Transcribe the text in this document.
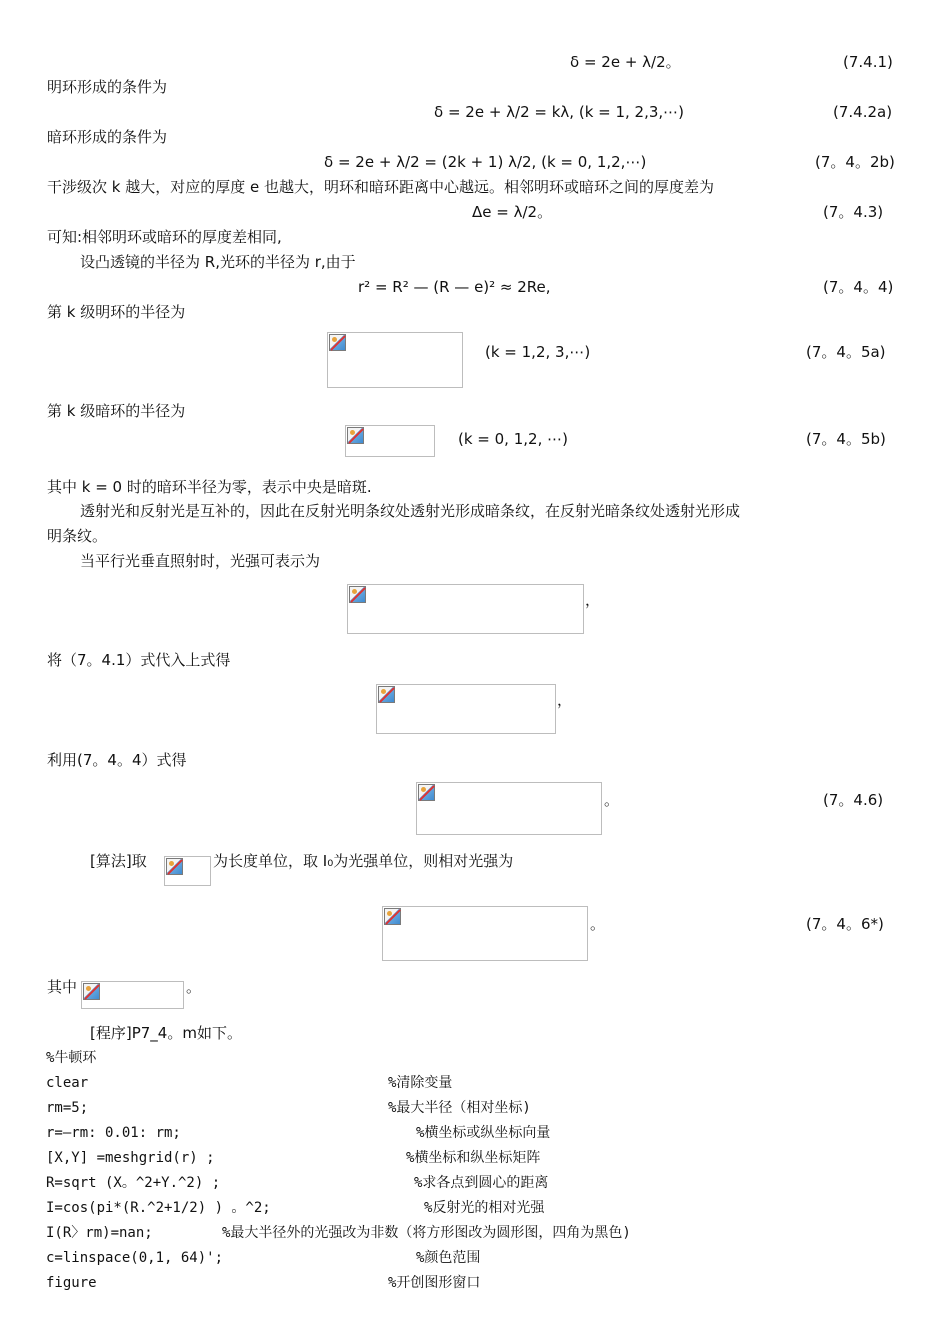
δ = 2e + λ/2。	(7.4.1)
明环形成的条件为
δ = 2e + λ/2 = kλ, (k = 1, 2,3,⋯)	(7.4.2a)
暗环形成的条件为
δ = 2e + λ/2 = (2k + 1) λ/2, (k = 0, 1,2,⋯)	(7。4。2b)
干涉级次 k 越大，对应的厚度 e 也越大，明环和暗环距离中心越远。相邻明环或暗环之间的厚度差为
Δe = λ/2。	(7。4.3)
可知:相邻明环或暗环的厚度差相同,
设凸透镜的半径为 R,光环的半径为 r,由于
r² = R² — (R — e)² ≈ 2Re,	(7。4。4)
第 k 级明环的半径为
(k = 1,2, 3,⋯)	(7。4。5a)
第 k 级暗环的半径为
(k = 0, 1,2, ⋯)	(7。4。5b)
其中 k = 0 时的暗环半径为零，表示中央是暗斑.
透射光和反射光是互补的，因此在反射光明条纹处透射光形成暗条纹，在反射光暗条纹处透射光形成
明条纹。
当平行光垂直照射时，光强可表示为
，
将（7。4.1）式代入上式得
，
利用(7。4。4）式得
。	(7。4.6)
[算法]取	为长度单位，取 I₀为光强单位，则相对光强为
。	(7。4。6*)
其中	。
[程序]P7_4。m如下。
%牛顿环
clear	%清除变量
rm=5;	%最大半径（相对坐标)
r=—rm: 0.01: rm;	%横坐标或纵坐标向量
[X,Y] =meshgrid(r) ;	%横坐标和纵坐标矩阵
R=sqrt (X。^2+Y.^2) ;	%求各点到圆心的距离
I=cos(pi*(R.^2+1/2) ) 。^2;	%反射光的相对光强
I(R〉rm)=nan;	%最大半径外的光强改为非数（将方形图改为圆形图，四角为黑色)
c=linspace(0,1, 64)';	%颜色范围
figure	%开创图形窗口
